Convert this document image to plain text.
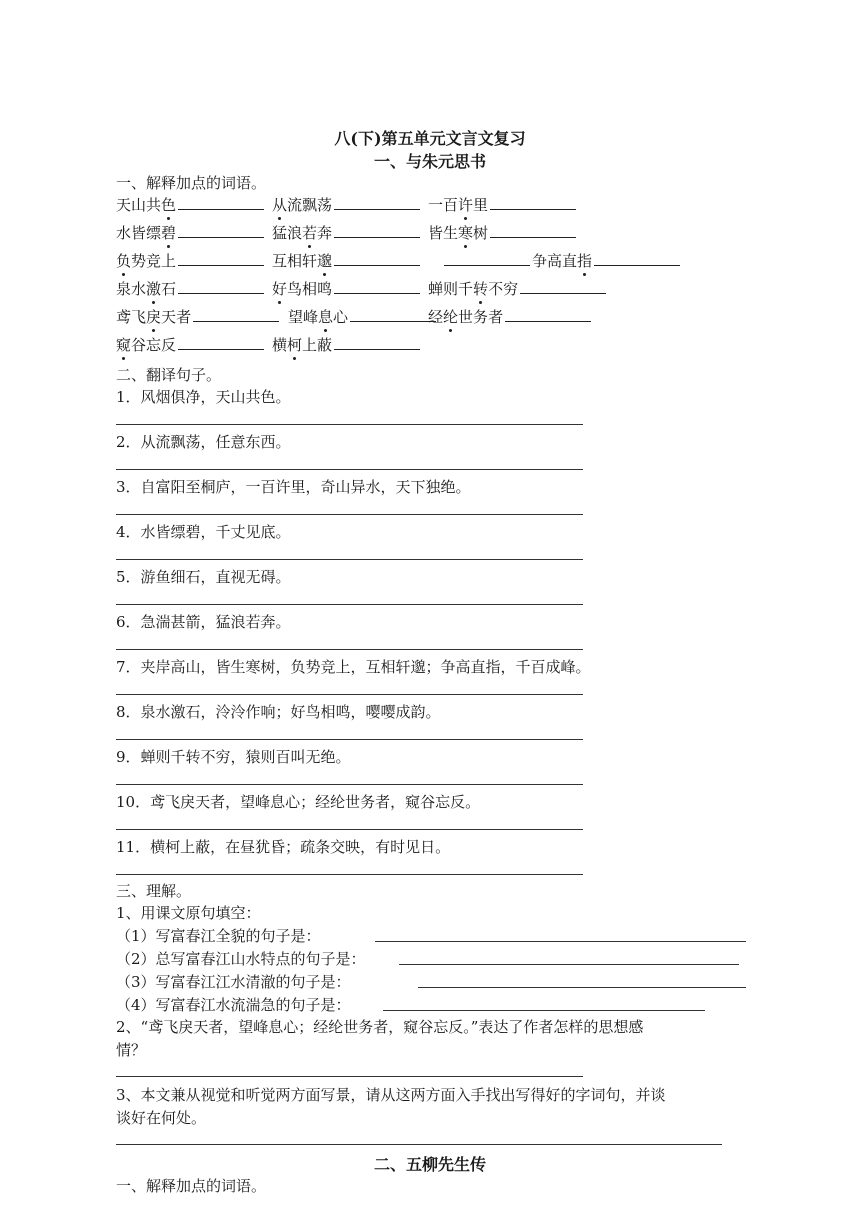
八(下)第五单元文言文复习
一、与朱元思书
一、解释加点的词语。
天山共色	从流飘荡	一百许里
水皆缥碧	猛浪若奔	皆生寒树
负势竞上	互相轩邈	争高直指
泉水激石	好鸟相鸣	蝉则千转不穷
鸢飞戾天者	望峰息心	经纶世务者
窥谷忘反	横柯上蔽
二、翻译句子。
1．风烟俱净，天山共色。
2．从流飘荡，任意东西。
3．自富阳至桐庐，一百许里，奇山异水，天下独绝。
4．水皆缥碧，千丈见底。
5．游鱼细石，直视无碍。
6．急湍甚箭，猛浪若奔。
7．夹岸高山，皆生寒树，负势竞上，互相轩邈；争高直指，千百成峰。
8．泉水激石，泠泠作响；好鸟相鸣，嘤嘤成韵。
9．蝉则千转不穷，猿则百叫无绝。
10．鸢飞戾天者，望峰息心；经纶世务者，窥谷忘反。
11．横柯上蔽，在昼犹昏；疏条交映，有时见日。
三、理解。
1、用课文原句填空：
（1）写富春江全貌的句子是：
（2）总写富春江山水特点的句子是：
（3）写富春江江水清澈的句子是：
（4）写富春江水流湍急的句子是：
2、“鸢飞戾天者，望峰息心；经纶世务者，窥谷忘反。”表达了作者怎样的思想感
情？
3、本文兼从视觉和听觉两方面写景，请从这两方面入手找出写得好的字词句，并谈
谈好在何处。
二、五柳先生传
一、解释加点的词语。
